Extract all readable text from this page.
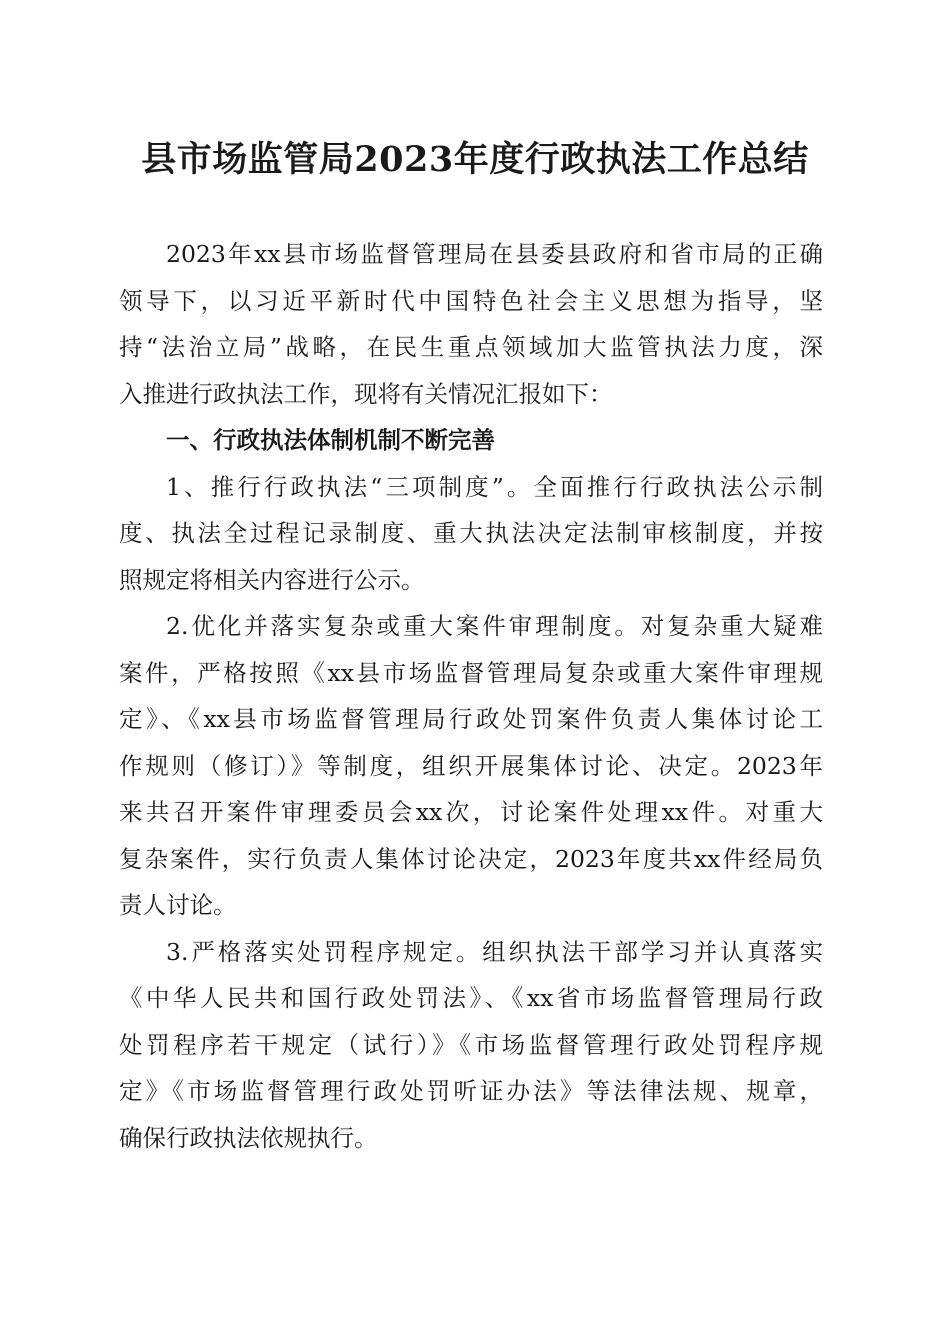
县市场监管局2023年度行政执法工作总结
2023年xx县市场监督管理局在县委县政府和省市局的正确
领导下，以习近平新时代中国特色社会主义思想为指导，坚
持“法治立局”战略，在民生重点领域加大监管执法力度，深
入推进行政执法工作，现将有关情况汇报如下：
一、行政执法体制机制不断完善
1、推行行政执法“三项制度”。全面推行行政执法公示制
度、执法全过程记录制度、重大执法决定法制审核制度，并按
照规定将相关内容进行公示。
2.优化并落实复杂或重大案件审理制度。对复杂重大疑难
案件，严格按照《xx县市场监督管理局复杂或重大案件审理规
定》、《xx县市场监督管理局行政处罚案件负责人集体讨论工
作规则（修订）》等制度，组织开展集体讨论、决定。2023年
来共召开案件审理委员会xx次，讨论案件处理xx件。对重大
复杂案件，实行负责人集体讨论决定，2023年度共xx件经局负
责人讨论。
3.严格落实处罚程序规定。组织执法干部学习并认真落实
《中华人民共和国行政处罚法》、《xx省市场监督管理局行政
处罚程序若干规定（试行）》《市场监督管理行政处罚程序规
定》《市场监督管理行政处罚听证办法》等法律法规、规章，
确保行政执法依规执行。
